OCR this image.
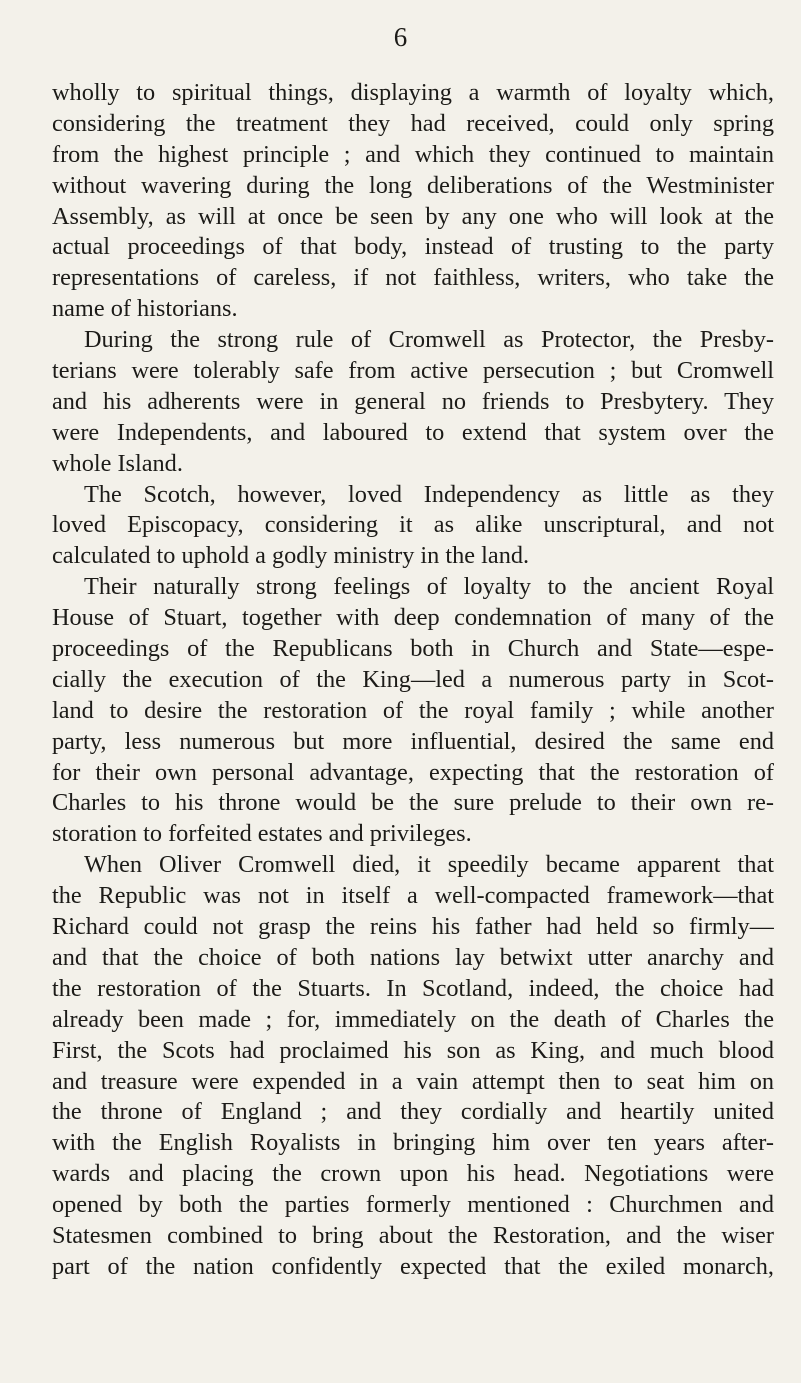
6
wholly to spiritual things, displaying a warmth of loyalty which,
considering the treatment they had received, could only spring
from the highest principle ; and which they continued to maintain
without wavering during the long deliberations of the Westminister
Assembly, as will at once be seen by any one who will look at the
actual proceedings of that body, instead of trusting to the party
representations of careless, if not faithless, writers, who take the
name of historians.
During the strong rule of Cromwell as Protector, the Presby-
terians were tolerably safe from active persecution ; but Cromwell
and his adherents were in general no friends to Presbytery. They
were Independents, and laboured to extend that system over the
whole Island.
The Scotch, however, loved Independency as little as they
loved Episcopacy, considering it as alike unscriptural, and not
calculated to uphold a godly ministry in the land.
Their naturally strong feelings of loyalty to the ancient Royal
House of Stuart, together with deep condemnation of many of the
proceedings of the Republicans both in Church and State—espe-
cially the execution of the King—led a numerous party in Scot-
land to desire the restoration of the royal family ; while another
party, less numerous but more influential, desired the same end
for their own personal advantage, expecting that the restoration of
Charles to his throne would be the sure prelude to their own re-
storation to forfeited estates and privileges.
When Oliver Cromwell died, it speedily became apparent that
the Republic was not in itself a well-compacted framework—that
Richard could not grasp the reins his father had held so firmly—
and that the choice of both nations lay betwixt utter anarchy and
the restoration of the Stuarts. In Scotland, indeed, the choice had
already been made ; for, immediately on the death of Charles the
First, the Scots had proclaimed his son as King, and much blood
and treasure were expended in a vain attempt then to seat him on
the throne of England ; and they cordially and heartily united
with the English Royalists in bringing him over ten years after-
wards and placing the crown upon his head. Negotiations were
opened by both the parties formerly mentioned : Churchmen and
Statesmen combined to bring about the Restoration, and the wiser
part of the nation confidently expected that the exiled monarch,
